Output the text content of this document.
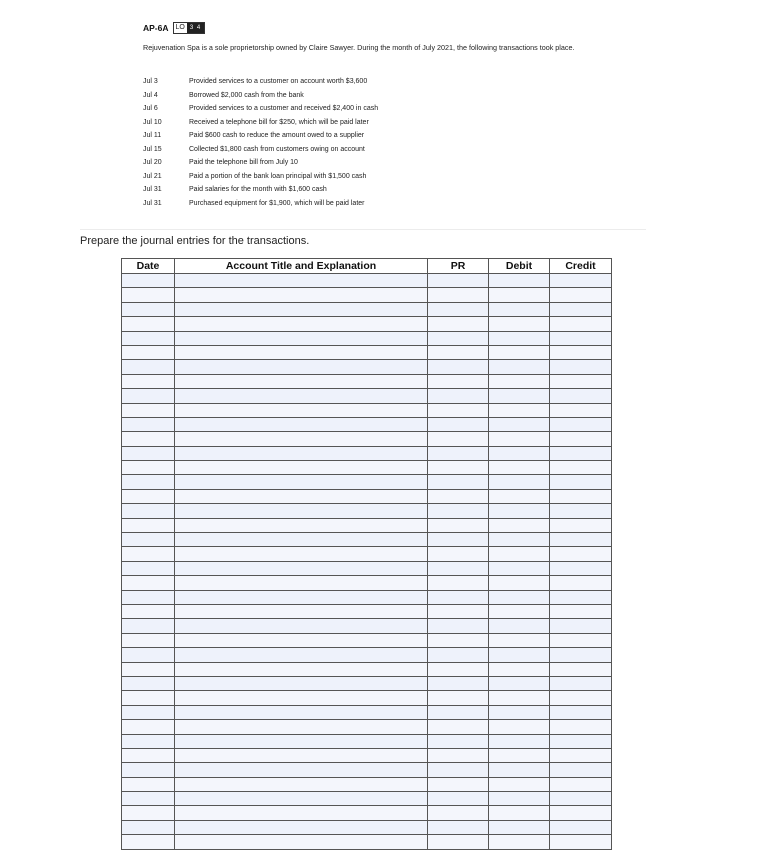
AP-6A LO 3 4

Rejuvenation Spa is a sole proprietorship owned by Claire Sawyer. During the month of July 2021, the following transactions took place.

Jul 3	Provided services to a customer on account worth $3,600
Jul 4	Borrowed $2,000 cash from the bank
Jul 6	Provided services to a customer and received $2,400 in cash
Jul 10	Received a telephone bill for $250, which will be paid later
Jul 11	Paid $600 cash to reduce the amount owed to a supplier
Jul 15	Collected $1,800 cash from customers owing on account
Jul 20	Paid the telephone bill from July 10
Jul 21	Paid a portion of the bank loan principal with $1,500 cash
Jul 31	Paid salaries for the month with $1,600 cash
Jul 31	Purchased equipment for $1,900, which will be paid later
Prepare the journal entries for the transactions.
Date	Account Title and Explanation	PR	Debit	Credit
